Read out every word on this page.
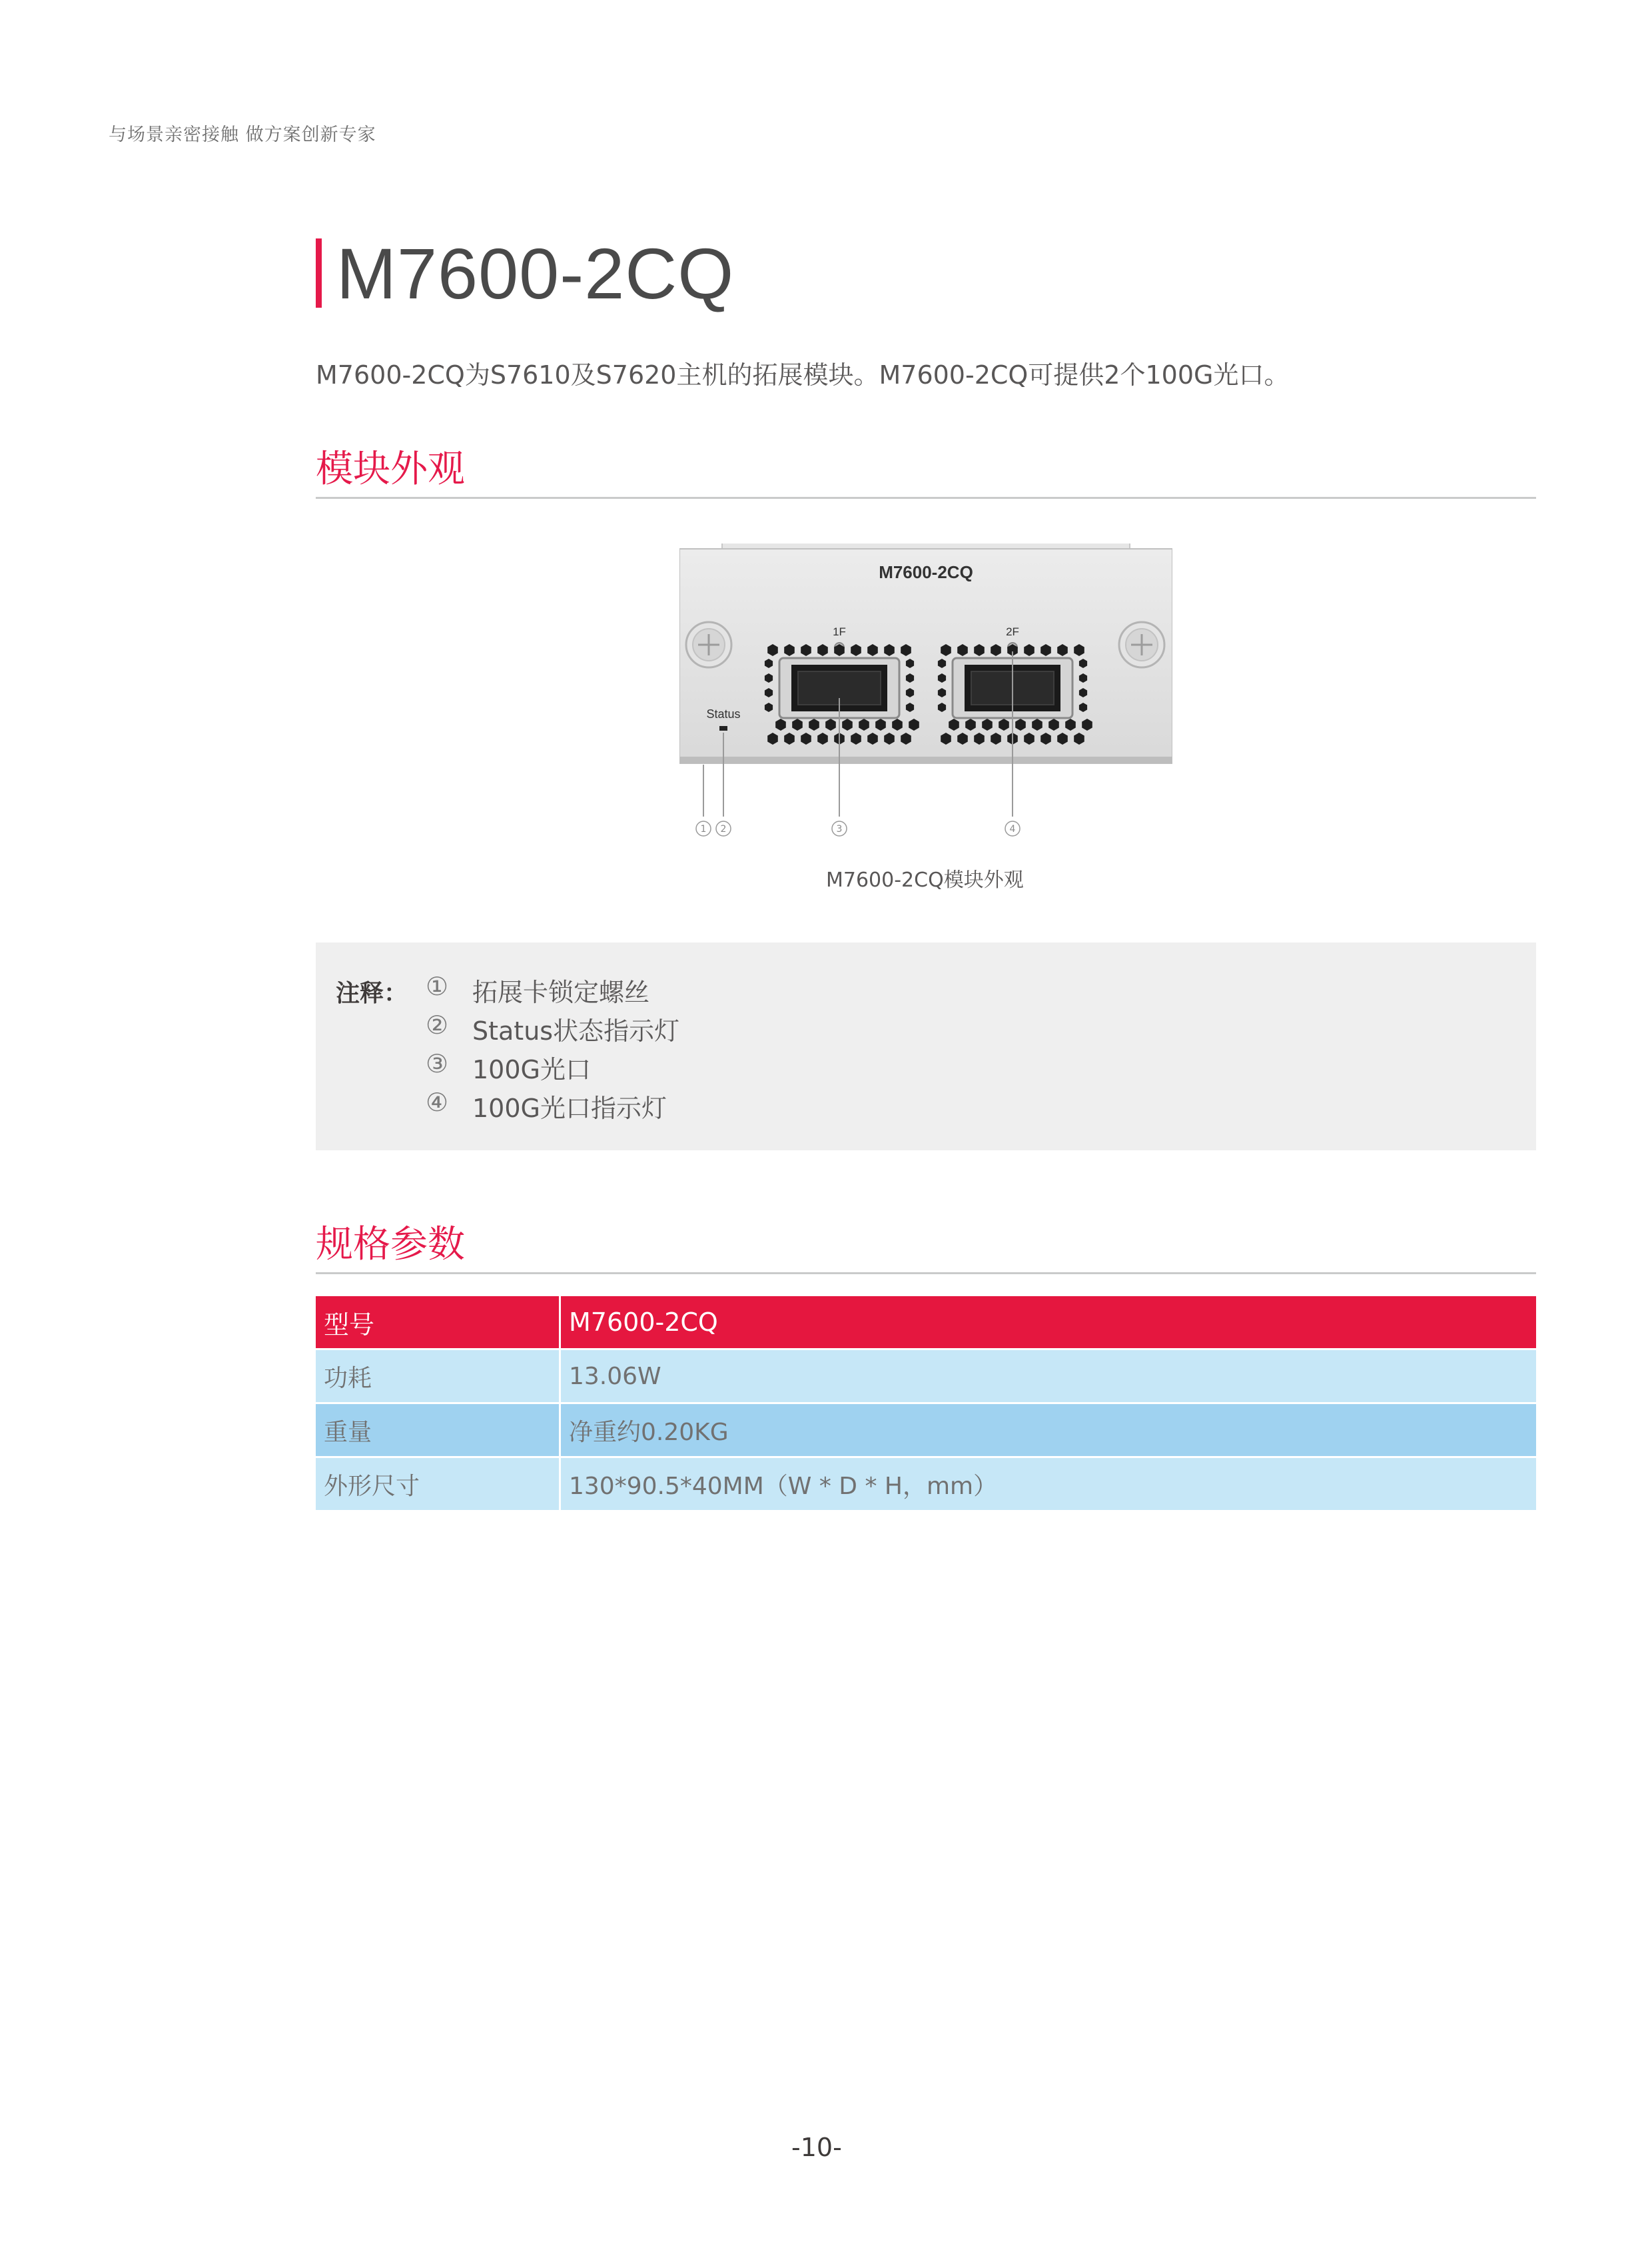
与场景亲密接触 做方案创新专家
M7600-2CQ
M7600-2CQ为S7610及S7620主机的拓展模块。M7600-2CQ可提供2个100G光口。
模块外观
M7600-2CQ
Status
1F	2F
1 2	3	4
M7600-2CQ模块外观
注释： ① 拓展卡锁定螺丝
② Status状态指示灯
③ 100G光口
④ 100G光口指示灯
规格参数
型号	M7600-2CQ
功耗	13.06W
重量	净重约0.20KG
外形尺寸	130*90.5*40MM（W * D * H，mm）
-10-
